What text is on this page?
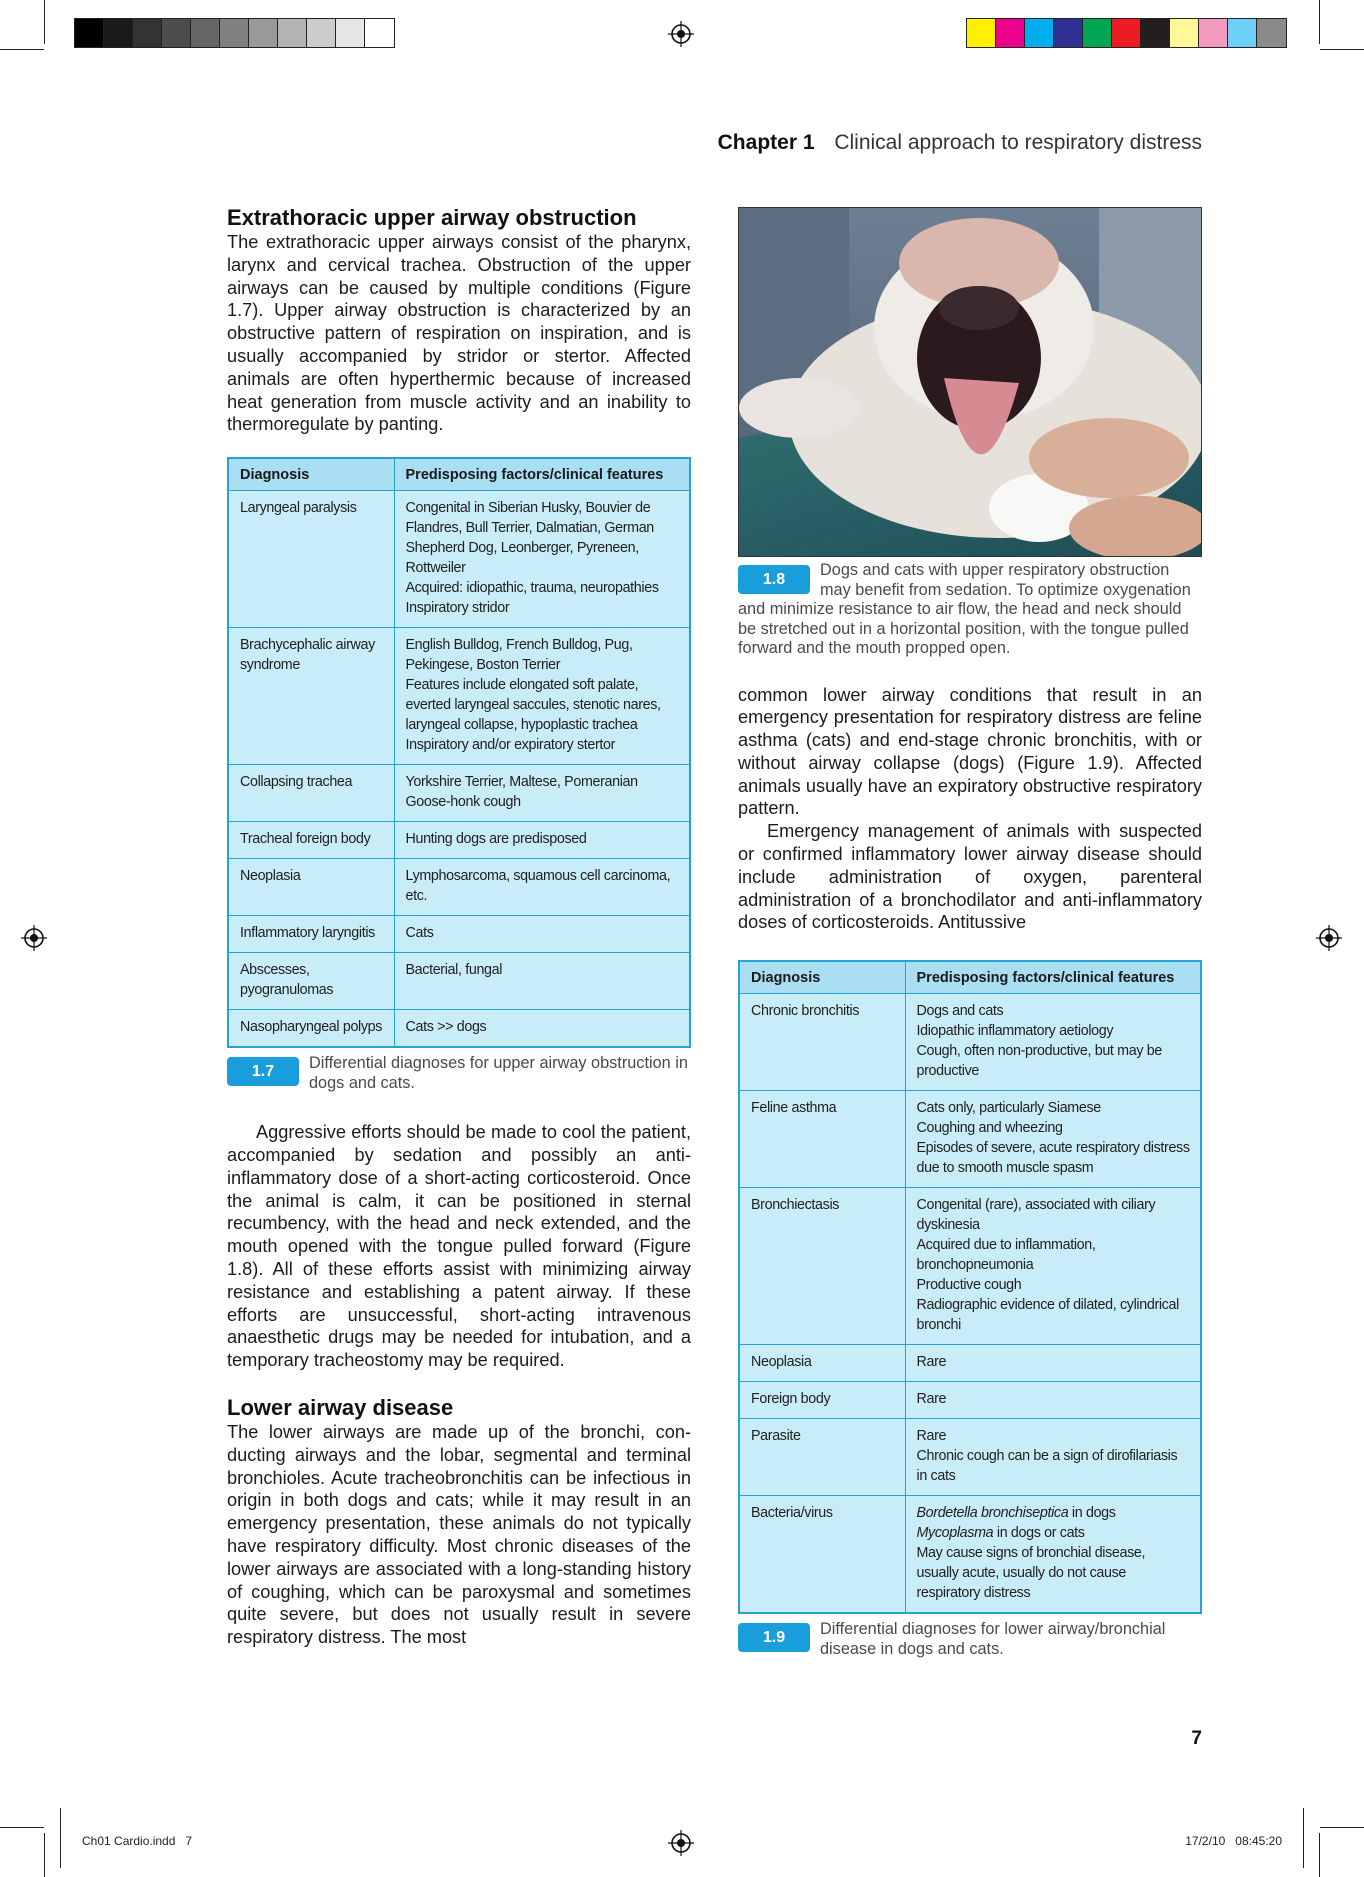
Chapter 1 Clinical approach to respiratory distress
Extrathoracic upper airway obstruction

The extrathoracic upper airways consist of the pharynx, larynx and cervical trachea. Obstruction of the upper airways can be caused by multiple conditions (Figure 1.7). Upper airway obstruction is characterized by an obstructive pattern of respiration on inspiration, and is usually accompanied by stridor or stertor. Affected animals are often hyperthermic because of increased heat generation from muscle activity and an inability to thermoregulate by panting.

Diagnosis	Predisposing factors/clinical features
Laryngeal paralysis	Congenital in Siberian Husky, Bouvier de Flandres, Bull Terrier, Dalmatian, German Shepherd Dog, Leonberger, Pyreneen, Rottweiler
Acquired: idiopathic, trauma, neuropathies
Inspiratory stridor

Brachycephalic airway syndrome	English Bulldog, French Bulldog, Pug, Pekingese, Boston Terrier
Features include elongated soft palate, everted laryngeal saccules, stenotic nares, laryngeal collapse, hypoplastic trachea
Inspiratory and/or expiratory stertor

Collapsing trachea	Yorkshire Terrier, Maltese, Pomeranian
Goose-honk cough

Tracheal foreign body	Hunting dogs are predisposed

Neoplasia	Lymphosarcoma, squamous cell carcinoma, etc.

Inflammatory laryngitis	Cats

Abscesses, pyogranulomas	Bacterial, fungal

Nasopharyngeal polyps	Cats >> dogs
1.7	Differential diagnoses for upper airway obstruction in dogs and cats.

Aggressive efforts should be made to cool the patient, accompanied by sedation and possibly an anti-inflammatory dose of a short-acting corticosteroid. Once the animal is calm, it can be positioned in sternal recumbency, with the head and neck extended, and the mouth opened with the tongue pulled forward (Figure 1.8). All of these efforts assist with minimizing airway resistance and establishing a patent airway. If these efforts are unsuccessful, short-acting intravenous anaesthetic drugs may be needed for intubation, and a temporary tracheostomy may be required.

Lower airway disease

The lower airways are made up of the bronchi, conducting airways and the lobar, segmental and terminal bronchioles. Acute tracheobronchitis can be infectious in origin in both dogs and cats; while it may result in an emergency presentation, these animals do not typically have respiratory difficulty. Most chronic diseases of the lower airways are associated with a long-standing history of coughing, which can be paroxysmal and sometimes quite severe, but does not usually result in severe respiratory distress. The most

1.8
Dogs and cats with upper respiratory obstruction may benefit from sedation. To optimize oxygenation and minimize resistance to air flow, the head and neck should be stretched out in a horizontal position, with the tongue pulled forward and the mouth propped open.

common lower airway conditions that result in an emergency presentation for respiratory distress are feline asthma (cats) and end-stage chronic bronchitis, with or without airway collapse (dogs) (Figure 1.9). Affected animals usually have an expiratory obstructive respiratory pattern.

Emergency management of animals with suspected or confirmed inflammatory lower airway disease should include administration of oxygen, parenteral administration of a bronchodilator and anti-inflammatory doses of corticosteroids. Antitussive

Diagnosis	Predisposing factors/clinical features
Chronic bronchitis	Dogs and cats
Idiopathic inflammatory aetiology
Cough, often non-productive, but may be productive

Feline asthma	Cats only, particularly Siamese
Coughing and wheezing
Episodes of severe, acute respiratory distress due to smooth muscle spasm

Bronchiectasis	Congenital (rare), associated with ciliary dyskinesia
Acquired due to inflammation, bronchopneumonia
Productive cough
Radiographic evidence of dilated, cylindrical bronchi

Neoplasia	Rare

Foreign body	Rare

Parasite	Rare
Chronic cough can be a sign of dirofilariasis in cats

Bacteria/virus	Bordetella bronchiseptica in dogs
Mycoplasma in dogs or cats
May cause signs of bronchial disease, usually acute, usually do not cause respiratory distress
1.9	Differential diagnoses for lower airway/bronchial disease in dogs and cats.
7
Ch01 Cardio.indd   7	17/2/10   08:45:20
